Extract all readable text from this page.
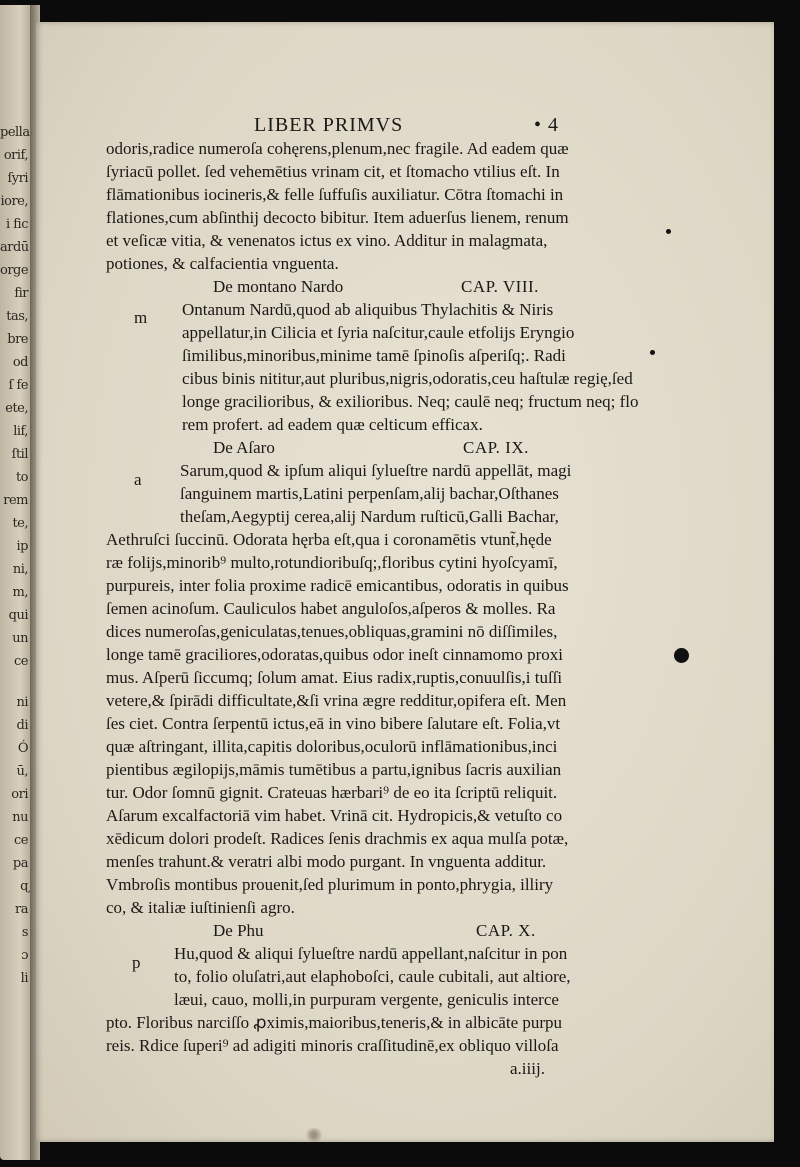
pella
orif,
ſyri
iore,
i fic
ardū
orge
fir
tas,
bre
od
ſ fe
ete,
lif,
ſtil
to
rem
te,
ip
ni,
m,
qui
un
ce
ni
di
Ó
ū,
ori
nu
ce
pa
ɋ
ra
s
ɔ
li
LIBER PRIMVS	• 4
odoris,radice numeroſa cohęrens,plenum,nec fragile. Ad eadem quæ
ſyriacū pollet. ſed vehemētius vrinam cit, et ſtomacho vtilius eſt. In
flāmationibus iocineris,& felle ſuffuſis auxiliatur. Cōtra ſtomachi in
flationes,cum abſinthij decocto bibitur. Item aduerſus lienem, renum
et veſicæ vitia, & venenatos ictus ex vino. Additur in malagmata,
potiones, & calfacientia vnguenta.
De montano Nardo	CAP. VIII.
Ontanum Nardū,quod ab aliquibus Thylachitis & Niris
m
appellatur,in Cilicia et ſyria naſcitur,caule etfolijs Eryngio
ſimilibus,minoribus,minime tamē ſpinoſis aſperiſq;. Radi
cibus binis nititur,aut pluribus,nigris,odoratis,ceu haſtulæ regię,ſed
longe gracilioribus, & exilioribus. Neq; caulē neq; fructum neq; flo
rem profert. ad eadem quæ celticum efficax.
De Aſaro	CAP. IX.
Sarum,quod & ipſum aliqui ſylueſtre nardū appellāt, magi
a
ſanguinem martis,Latini perpenſam,alij bachar,Oſthanes
theſam,Aegyptij cerea,alij Nardum ruſticū,Galli Bachar,
Aethruſci ſuccinū. Odorata hęrba eſt,qua i coronamētis vtunt̃,hęde
ræ folijs,minorib⁹ multo,rotundioribuſq;,floribus cytini hyoſcyamī,
purpureis, inter folia proxime radicē emicantibus, odoratis in quibus
ſemen acinoſum. Cauliculos habet anguloſos,aſperos & molles. Ra
dices numeroſas,geniculatas,tenues,obliquas,gramini nō diſſimiles,
longe tamē graciliores,odoratas,quibus odor ineſt cinnamomo proxi
mus. Aſperū ſiccumq; ſolum amat. Eius radix,ruptis,conuulſis,i tuſſi
vetere,& ſpirādi difficultate,&ſi vrina ægre redditur,opifera eſt. Men
ſes ciet. Contra ſerpentū ictus,eā in vino bibere ſalutare eſt. Folia,vt
quæ aſtringant, illita,capitis doloribus,oculorū inflāmationibus,inci
pientibus ægilopijs,māmis tumētibus a partu,ignibus ſacris auxilian
tur. Odor ſomnū gignit. Crateuas hærbari⁹ de eo ita ſcriptū reliquit.
Aſarum excalfactoriā vim habet. Vrinā cit. Hydropicis,& vetuſto co
xēdicum dolori prodeſt. Radices ſenis drachmis ex aqua mulſa potæ,
menſes trahunt.& veratri albi modo purgant. In vnguenta additur.
Vmbroſis montibus prouenit,ſed plurimum in ponto,phrygia, illiry
co, & italiæ iuſtinienſi agro.
De Phu	CAP. X.
Hu,quod & aliqui ſylueſtre nardū appellant,naſcitur in pon
p
to, folio oluſatri,aut elaphoboſci, caule cubitali, aut altiore,
læui, cauo, molli,in purpuram vergente, geniculis interce
pto. Floribus narciſſo ꝓximis,maioribus,teneris,& in albicāte purpu
reis. Rdice ſuperi⁹ ad adigiti minoris craſſitudinē,ex obliquo villoſa
a.iiij.
